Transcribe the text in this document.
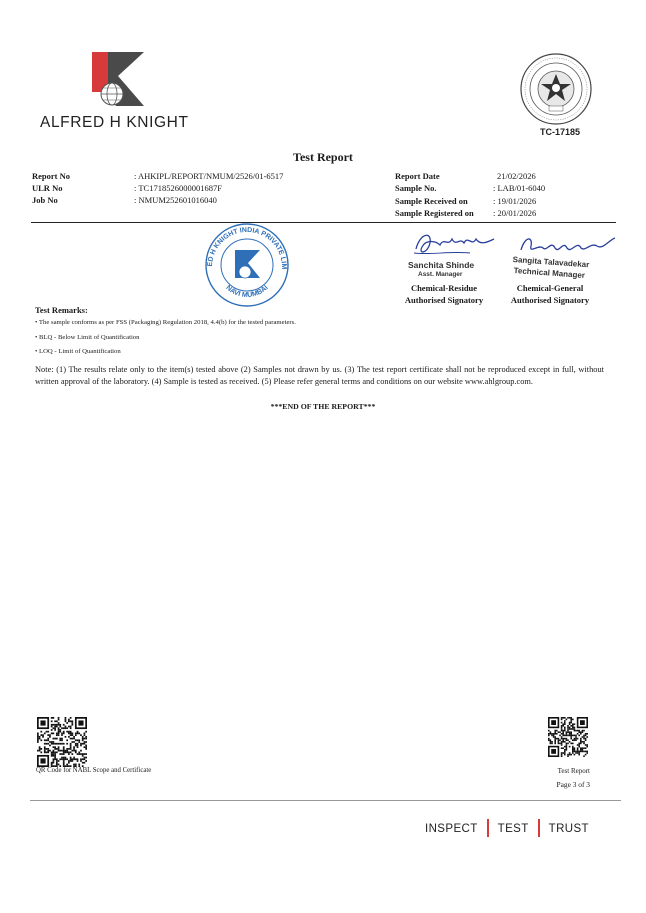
ALFRED H KNIGHT
TC-17185
Test Report
Report No	: AHKIPL/REPORT/NMUM/2526/01-6517
ULR No	: TC1718526000001687F
Job No	: NMUM252601016040
Report Date	21/02/2026
Sample No.	: LAB/01-6040
Sample Received on	: 19/01/2026
Sample Registered on : 20/01/2026
ED H KNIGHT INDIA PRIVATE LIM
NAVI MUMBAI
Sanchita Shinde
Asst. Manager
Chemical-Residue
Authorised Signatory
Sangita Talavadekar
Technical Manager
Chemical-General
Authorised Signatory
Test Remarks:
• The sample conforms as per FSS (Packaging) Regulation 2018, 4.4(b) for the tested parameters.
• BLQ - Below Limit of Quantification
• LOQ - Limit of Quantification
Note: (1) The results relate only to the item(s) tested above (2) Samples not drawn by us. (3) The test report certificate shall not be reproduced except in full, without written approval of the laboratory. (4) Sample is tested as received. (5) Please refer general terms and conditions on our website www.ahlgroup.com.
***END OF THE REPORT***
QR Code for NABL Scope and Certificate	Test Report
Page 3 of 3
INSPECT TEST TRUST
